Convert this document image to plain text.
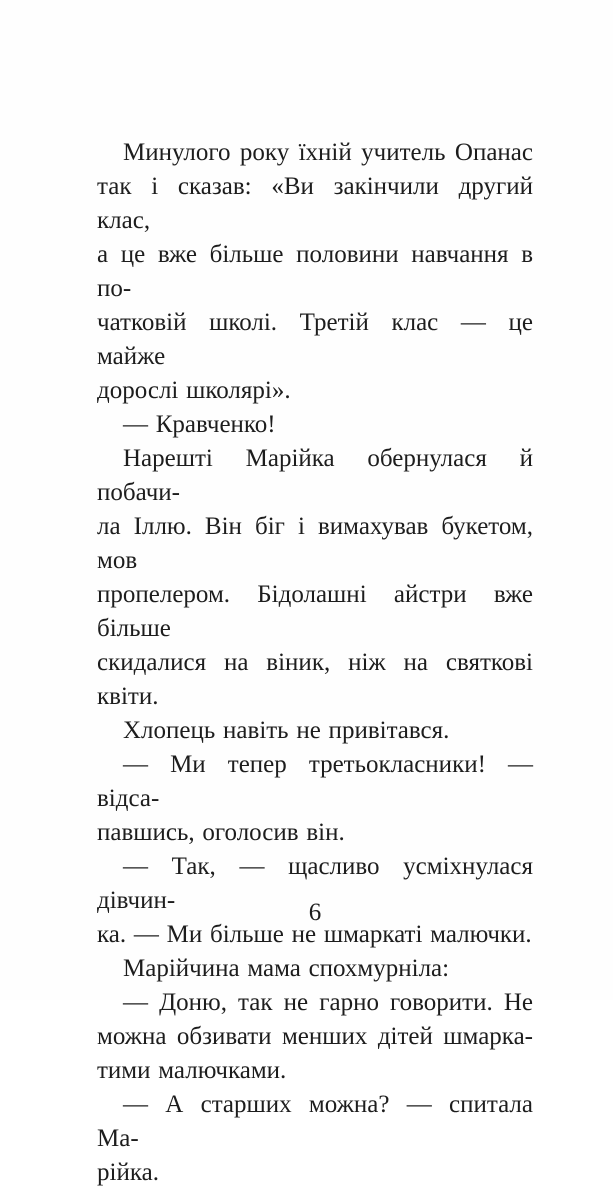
Минулого року їхній учитель Опанас
так і сказав: «Ви закінчили другий клас,
а це вже більше половини навчання в по-
чатковій школі. Третій клас — це майже
дорослі школярі».
— Кравченко!
Нарешті Марійка обернулася й побачи-
ла Іллю. Він біг і вимахував букетом, мов
пропелером. Бідолашні айстри вже більше
скидалися на віник, ніж на святкові квіти.
Хлопець навіть не привітався.
— Ми тепер третьокласники! — відса-
павшись, оголосив він.
— Так, — щасливо усміхнулася дівчин-
ка. — Ми більше не шмаркаті малючки.
Марійчина мама спохмурніла:
— Доню, так не гарно говорити. Не
можна обзивати менших дітей шмарка-
тими малючками.
— А старших можна? — спитала Ма-
рійка.
6
